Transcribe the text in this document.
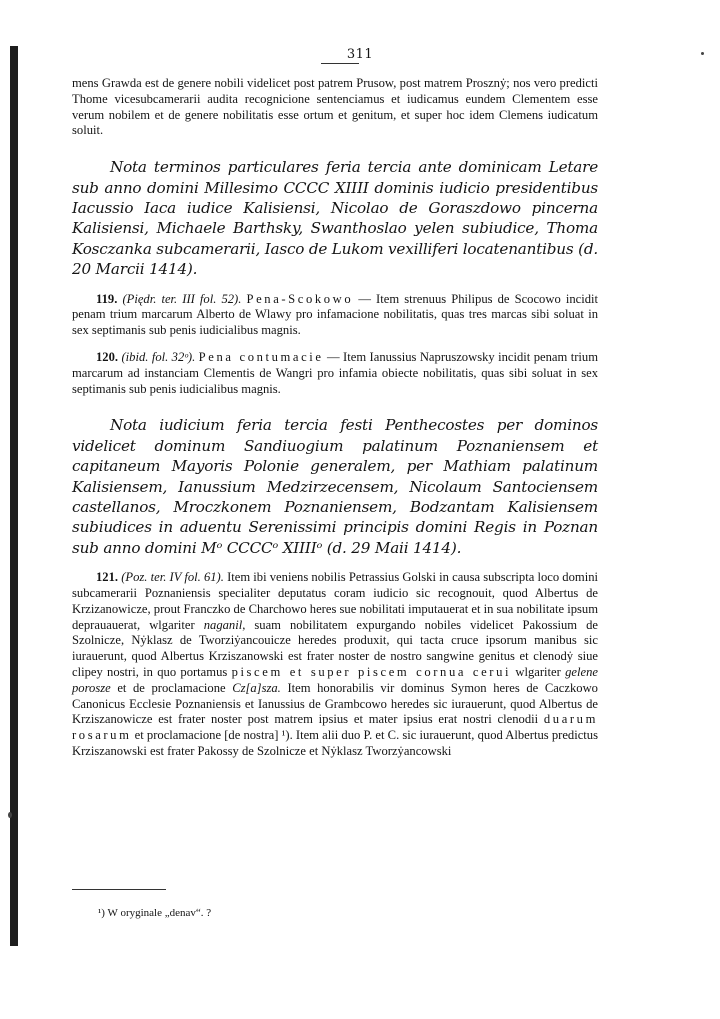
311

mens Grawda est de genere nobili videlicet post patrem Prusow, post matrem Prosznẏ; nos vero predicti Thome vicesubcamerarii audita recognicione sentenciamus et iudicamus eundem Clementem esse verum nobilem et de genere nobilitatis esse ortum et genitum, et super hoc idem Clemens iudicatum soluit.

Nota terminos particulares feria tercia ante dominicam Letare sub anno domini Millesimo CCCC XIIII dominis iudicio presidentibus Iacussio Iaca iudice Kalisiensi, Nicolao de Goraszdowo pincerna Kalisiensi, Michaele Barthsky, Swanthoslao yelen subiudice, Thoma Kosczanka subcamerarii, Iasco de Lukom vexilliferi locatenantibus (d. 20 Marcii 1414).

119. (Piędr. ter. III fol. 52). Pena-Scokowo — Item strenuus Philipus de Scocowo incidit penam trium marcarum Alberto de Wlawy pro infamacione nobilitatis, quas tres marcas sibi soluat in sex septimanis sub penis iudicialibus magnis.

120. (ibid. fol. 32ᵒ). Pena contumacie — Item Ianussius Napruszowsky incidit penam trium marcarum ad instanciam Clementis de Wangri pro infamia obiecte nobilitatis, quas sibi soluat in sex septimanis sub penis iudicialibus magnis.

Nota iudicium feria tercia festi Penthecostes per dominos videlicet dominum Sandiuogium palatinum Poznaniensem et capitaneum Mayoris Polonie generalem, per Mathiam palatinum Kalisiensem, Ianussium Medzirzecensem, Nicolaum Santociensem castellanos, Mroczkonem Poznaniensem, Bodzantam Kalisiensem subiudices in aduentu Serenissimi principis domini Regis in Poznan sub anno domini Mᵒ CCCCᵒ XIIIIᵒ (d. 29 Maii 1414).

121. (Poz. ter. IV fol. 61). Item ibi veniens nobilis Petrassius Golski in causa subscripta loco domini subcamerarii Poznaniensis specialiter deputatus coram iudicio sic recognouit, quod Albertus de Krzizanowicze, prout Franczko de Charchowo heres sue nobilitati imputauerat et in sua nobilitate ipsum deprauauerat, wlgariter naganil, suam nobilitatem expurgando nobiles videlicet Pakossium de Szolnicze, Nẏklasz de Tworziẏancouicze heredes produxit, qui tacta cruce ipsorum manibus sic iurauerunt, quod Albertus Krziszanowski est frater noster de nostro sangwine genitus et clenodẏ siue clipey nostri, in quo portamus piscem et super piscem cornua cerui wlgariter gelene porosze et de proclamacione Cz[a]sza. Item honorabilis vir dominus Symon heres de Caczkowo Canonicus Ecclesie Poznaniensis et Ianussius de Grambcowo heredes sic iurauerunt, quod Albertus de Krziszanowicze est frater noster post matrem ipsius et mater ipsius erat nostri clenodii duarum rosarum et proclamacione [de nostra] ¹). Item alii duo P. et C. sic iurauerunt, quod Albertus predictus Krziszanowski est frater Pakossy de Szolnicze et Nẏklasz Tworzẏancowski

¹) W oryginale „denav“. ?
